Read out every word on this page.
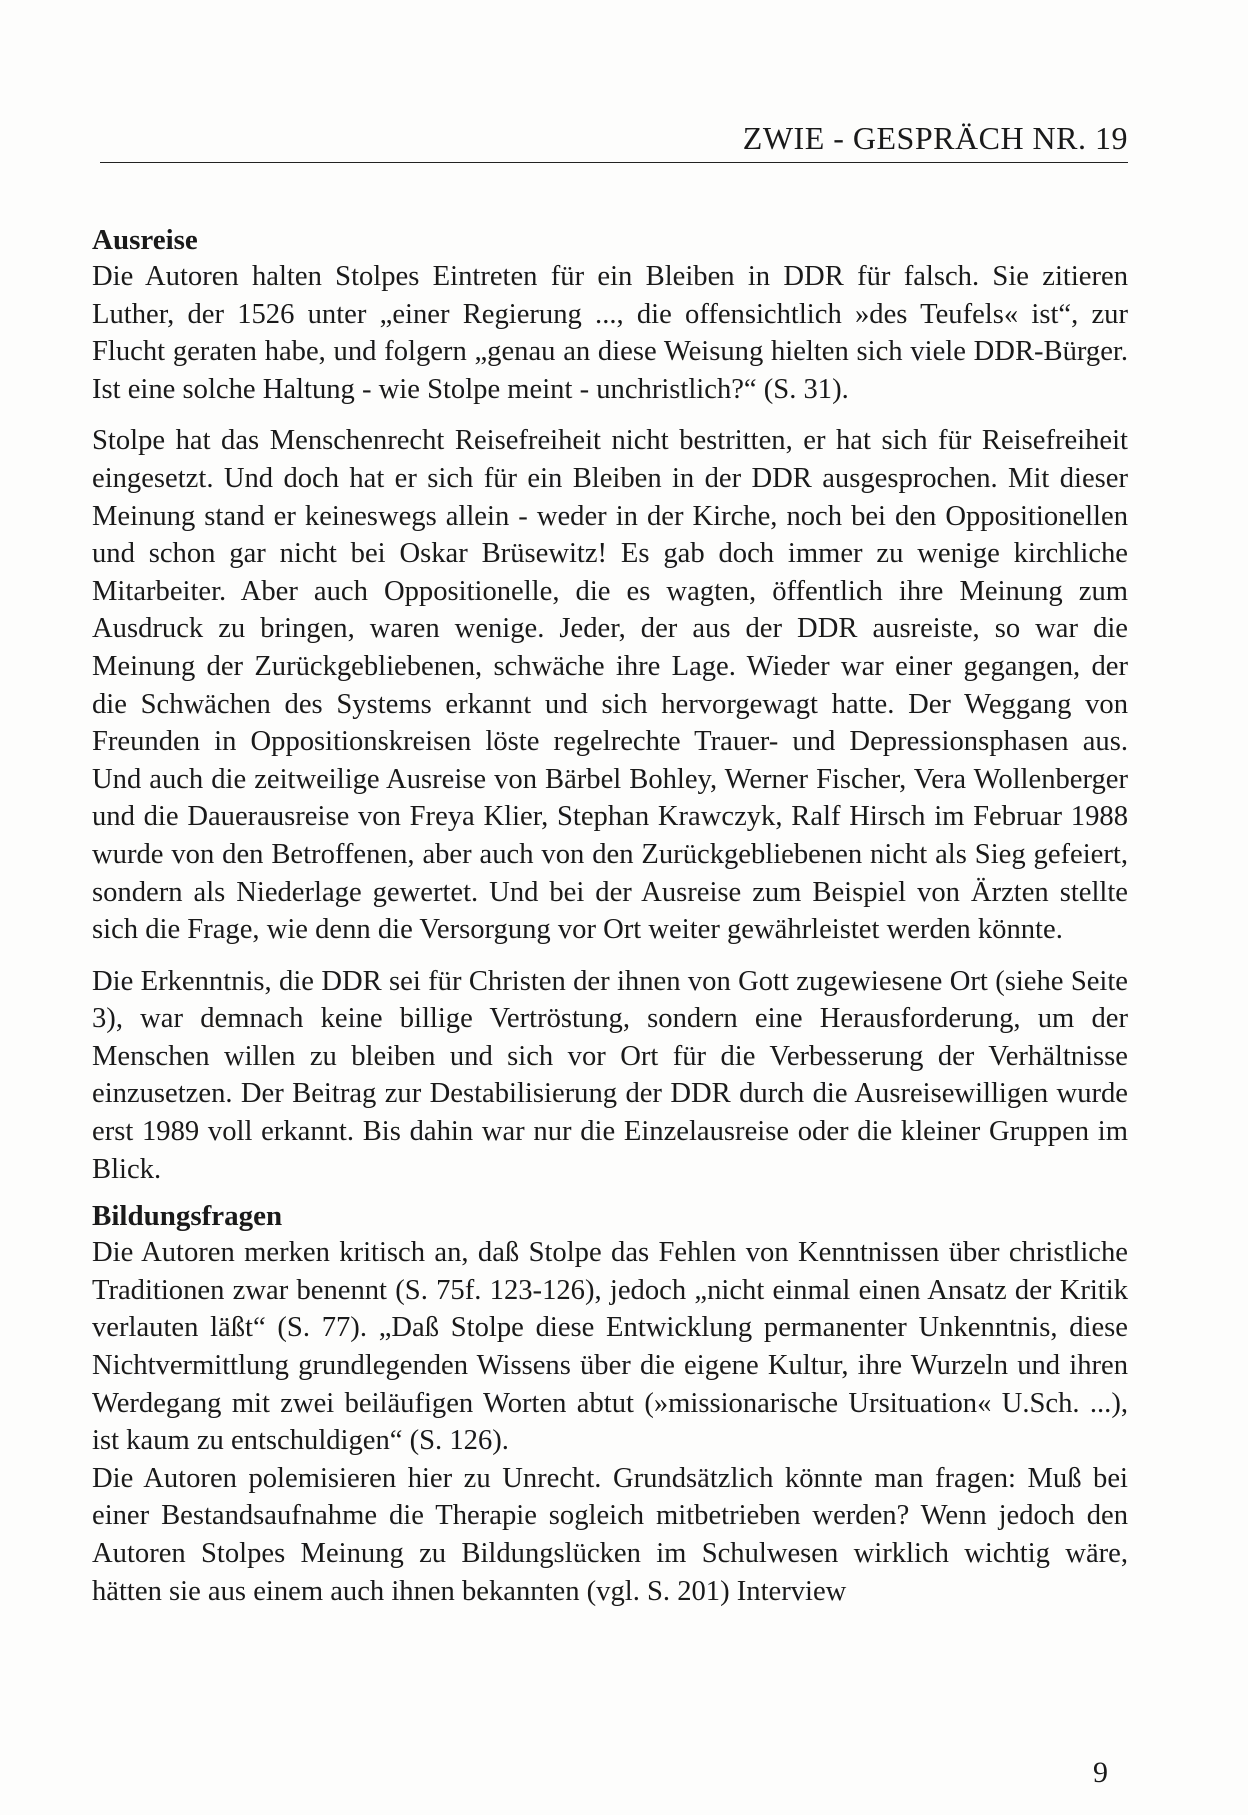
ZWIE - GESPRÄCH NR. 19
Ausreise

Die Autoren halten Stolpes Eintreten für ein Bleiben in DDR für falsch. Sie zitieren Luther, der 1526 unter „einer Regierung ..., die offensichtlich »des Teufels« ist“, zur Flucht geraten habe, und folgern „genau an diese Weisung hielten sich viele DDR-Bürger. Ist eine solche Haltung - wie Stolpe meint - unchristlich?“ (S. 31).

Stolpe hat das Menschenrecht Reisefreiheit nicht bestritten, er hat sich für Reisefreiheit eingesetzt. Und doch hat er sich für ein Bleiben in der DDR ausgesprochen. Mit dieser Meinung stand er keineswegs allein - weder in der Kirche, noch bei den Oppositionellen und schon gar nicht bei Oskar Brüsewitz! Es gab doch immer zu wenige kirchliche Mitarbeiter. Aber auch Oppositionelle, die es wagten, öffentlich ihre Meinung zum Ausdruck zu bringen, waren wenige. Jeder, der aus der DDR ausreiste, so war die Meinung der Zurückgebliebenen, schwäche ihre Lage. Wieder war einer gegangen, der die Schwächen des Systems erkannt und sich hervorgewagt hatte. Der Weggang von Freunden in Oppositionskreisen löste regelrechte Trauer- und Depressionsphasen aus. Und auch die zeitweilige Ausreise von Bärbel Bohley, Werner Fischer, Vera Wollenberger und die Dauerausreise von Freya Klier, Stephan Krawczyk, Ralf Hirsch im Februar 1988 wurde von den Betroffenen, aber auch von den Zurückgebliebenen nicht als Sieg gefeiert, sondern als Niederlage gewertet. Und bei der Ausreise zum Beispiel von Ärzten stellte sich die Frage, wie denn die Versorgung vor Ort weiter gewährleistet werden könnte.

Die Erkenntnis, die DDR sei für Christen der ihnen von Gott zugewiesene Ort (siehe Seite 3), war demnach keine billige Vertröstung, sondern eine Herausforderung, um der Menschen willen zu bleiben und sich vor Ort für die Verbesserung der Verhältnisse einzusetzen. Der Beitrag zur Destabilisierung der DDR durch die Ausreisewilligen wurde erst 1989 voll erkannt. Bis dahin war nur die Einzelausreise oder die kleiner Gruppen im Blick.

Bildungsfragen

Die Autoren merken kritisch an, daß Stolpe das Fehlen von Kenntnissen über christliche Traditionen zwar benennt (S. 75f. 123-126), jedoch „nicht einmal einen Ansatz der Kritik verlauten läßt“ (S. 77). „Daß Stolpe diese Entwicklung permanenter Unkenntnis, diese Nichtvermittlung grundlegenden Wissens über die eigene Kultur, ihre Wurzeln und ihren Werdegang mit zwei beiläufigen Worten abtut (»missionarische Ursituation« U.Sch. ...), ist kaum zu entschuldigen“ (S. 126).

Die Autoren polemisieren hier zu Unrecht. Grundsätzlich könnte man fragen: Muß bei einer Bestandsaufnahme die Therapie sogleich mitbetrieben werden? Wenn jedoch den Autoren Stolpes Meinung zu Bildungslücken im Schulwesen wirklich wichtig wäre, hätten sie aus einem auch ihnen bekannten (vgl. S. 201) Interview

9
